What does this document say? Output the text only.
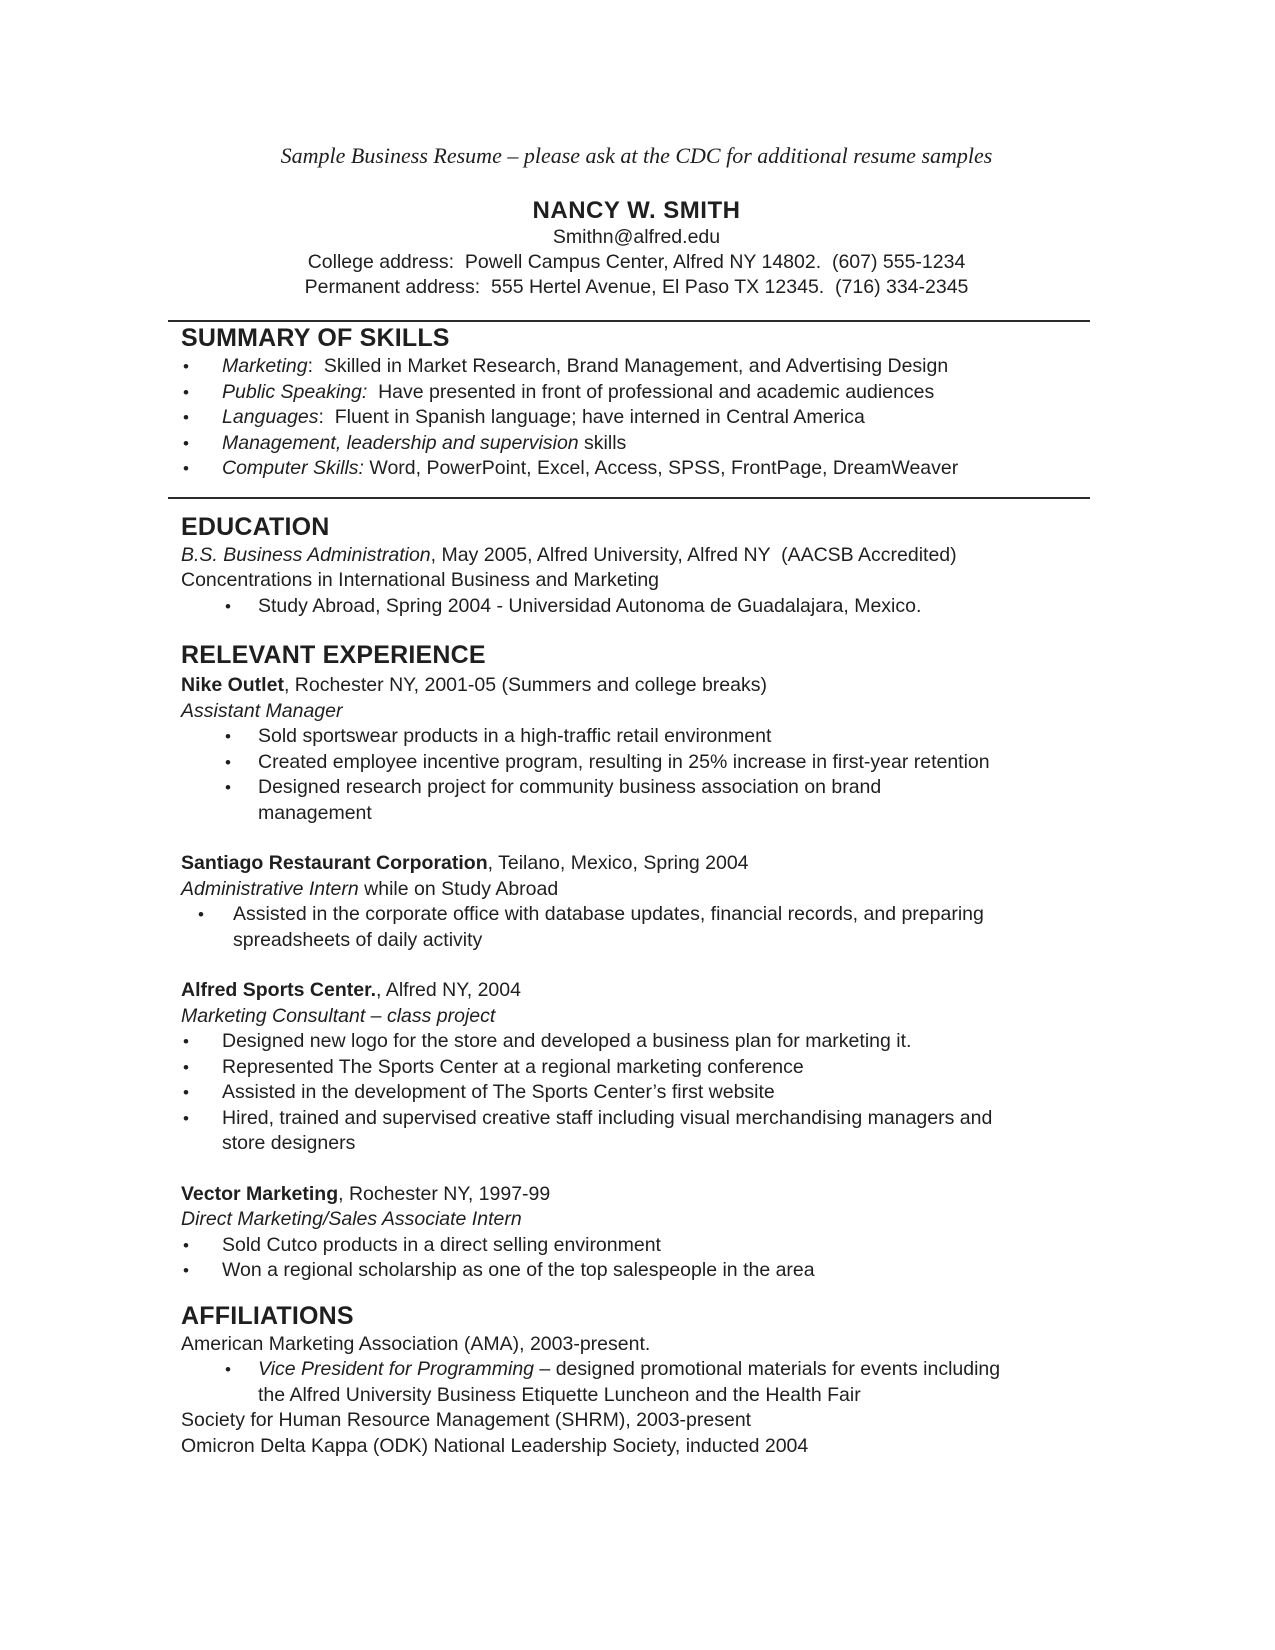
Sample Business Resume – please ask at the CDC for additional resume samples
NANCY W. SMITH
Smithn@alfred.edu
College address:  Powell Campus Center, Alfred NY 14802.  (607) 555-1234
Permanent address:  555 Hertel Avenue, El Paso TX 12345.  (716) 334-2345
SUMMARY OF SKILLS
•	Marketing:  Skilled in Market Research, Brand Management, and Advertising Design
•	Public Speaking:  Have presented in front of professional and academic audiences
•	Languages:  Fluent in Spanish language; have interned in Central America
•	Management, leadership and supervision skills
•	Computer Skills: Word, PowerPoint, Excel, Access, SPSS, FrontPage, DreamWeaver
EDUCATION
B.S. Business Administration, May 2005, Alfred University, Alfred NY  (AACSB Accredited)
Concentrations in International Business and Marketing
•	Study Abroad, Spring 2004 - Universidad Autonoma de Guadalajara, Mexico.
RELEVANT EXPERIENCE
Nike Outlet, Rochester NY, 2001-05 (Summers and college breaks)
Assistant Manager
•	Sold sportswear products in a high-traffic retail environment
•	Created employee incentive program, resulting in 25% increase in first-year retention
•	Designed research project for community business association on brand management
Santiago Restaurant Corporation, Teilano, Mexico, Spring 2004
Administrative Intern while on Study Abroad
•	Assisted in the corporate office with database updates, financial records, and preparing spreadsheets of daily activity
Alfred Sports Center., Alfred NY, 2004
Marketing Consultant – class project
•	Designed new logo for the store and developed a business plan for marketing it.
•	Represented The Sports Center at a regional marketing conference
•	Assisted in the development of The Sports Center’s first website
•	Hired, trained and supervised creative staff including visual merchandising managers and store designers
Vector Marketing, Rochester NY, 1997-99
Direct Marketing/Sales Associate Intern
•	Sold Cutco products in a direct selling environment
•	Won a regional scholarship as one of the top salespeople in the area
AFFILIATIONS
American Marketing Association (AMA), 2003-present.
•	Vice President for Programming – designed promotional materials for events including the Alfred University Business Etiquette Luncheon and the Health Fair
Society for Human Resource Management (SHRM), 2003-present
Omicron Delta Kappa (ODK) National Leadership Society, inducted 2004
